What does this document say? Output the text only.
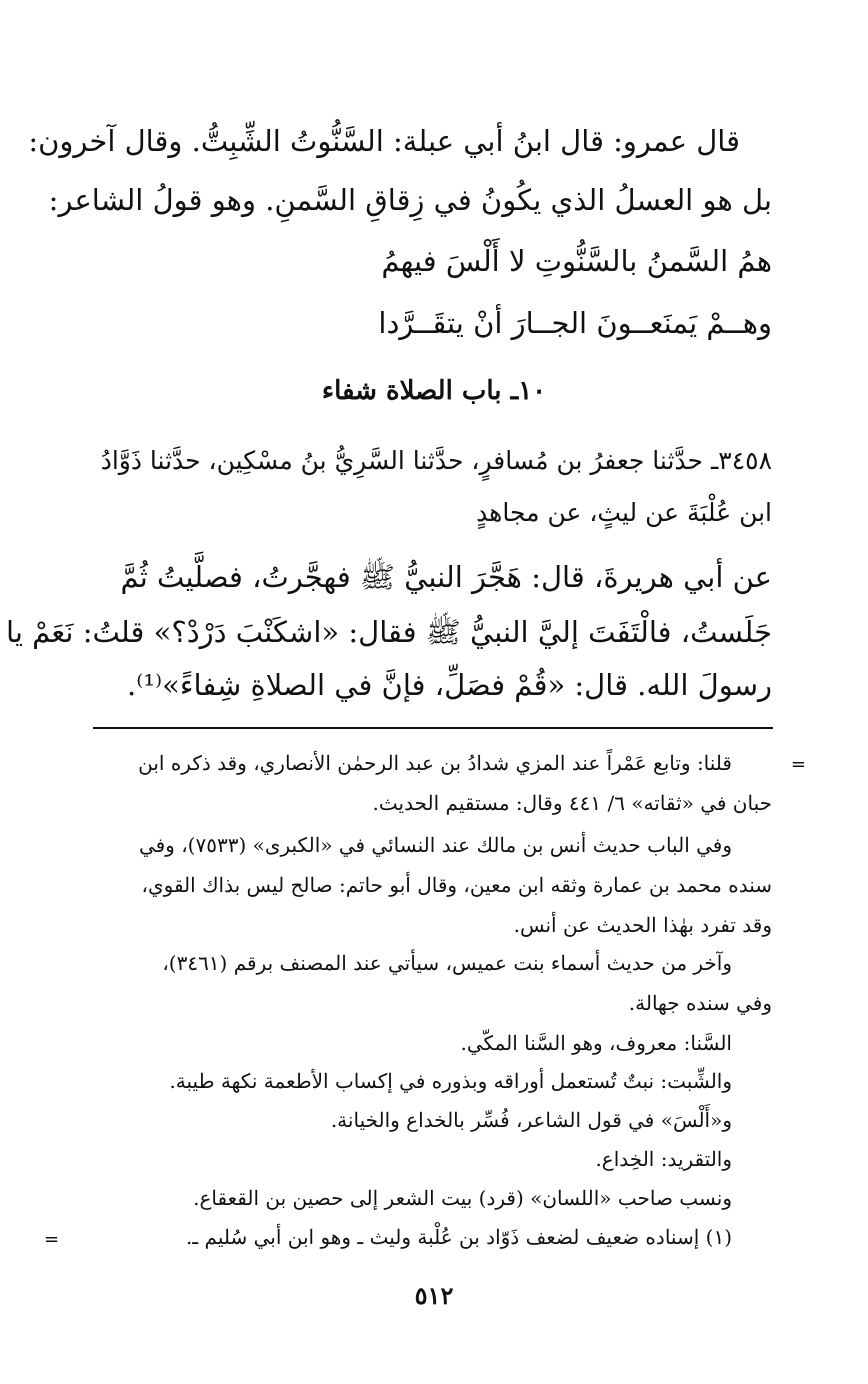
قال عمرو: قال ابنُ أبي عبلة: السَّنُّوتُ الشِّبِتُّ. وقال آخرون:
بل هو العسلُ الذي يكُونُ في زِقاقِ السَّمنِ. وهو قولُ الشاعر:
همُ السَّمنُ بالسَّنُّوتِ لا أَلْسَ فيهمُ
وهــمْ يَمنَعــونَ الجــارَ أنْ يتقَــرَّدا
١٠ـ باب الصلاة شفاء
٣٤٥٨ـ حدَّثنا جعفرُ بن مُسافرٍ، حدَّثنا السَّرِيُّ بنُ مسْكِين، حدَّثنا ذَوَّادُ
ابن عُلْبَةَ عن ليثٍ، عن مجاهدٍ
عن أبي هريرةَ، قال: هَجَّرَ النبيُّ ﷺ فهجَّرتُ، فصلَّيتُ ثُمَّ
جَلَستُ، فالْتَفَتَ إليَّ النبيُّ ﷺ فقال: «اشكَنْبَ دَرْدْ؟» قلتُ: نَعَمْ يا
رسولَ الله. قال: «قُمْ فصَلِّ، فإنَّ في الصلاةِ شِفاءً»⁽¹⁾.
=
قلنا: وتابع عَمْراً عند المزي شدادُ بن عبد الرحمٰن الأنصاري، وقد ذكره ابن
حبان في «ثقاته» ٦/ ٤٤١ وقال: مستقيم الحديث.
وفي الباب حديث أنس بن مالك عند النسائي في «الكبرى» (٧٥٣٣)، وفي
سنده محمد بن عمارة وثقه ابن معين، وقال أبو حاتم: صالح ليس بذاك القوي،
وقد تفرد بهٰذا الحديث عن أنس.
وآخر من حديث أسماء بنت عميس، سيأتي عند المصنف برقم (٣٤٦١)،
وفي سنده جهالة.
السَّنا: معروف، وهو السَّنا المكّي.
والشِّبت: نبتٌ تُستعمل أوراقه وبذوره في إكساب الأطعمة نكهة طيبة.
و«أَلْسَ» في قول الشاعر، فُسِّر بالخداع والخيانة.
والتقريد: الخِداع.
ونسب صاحب «اللسان» (قرد) بيت الشعر إلى حصين بن القعقاع.
(١) إسناده ضعيف لضعف ذَوّاد بن عُلْبة وليث ـ وهو ابن أبي سُليم ـ.
=
٥١٢
